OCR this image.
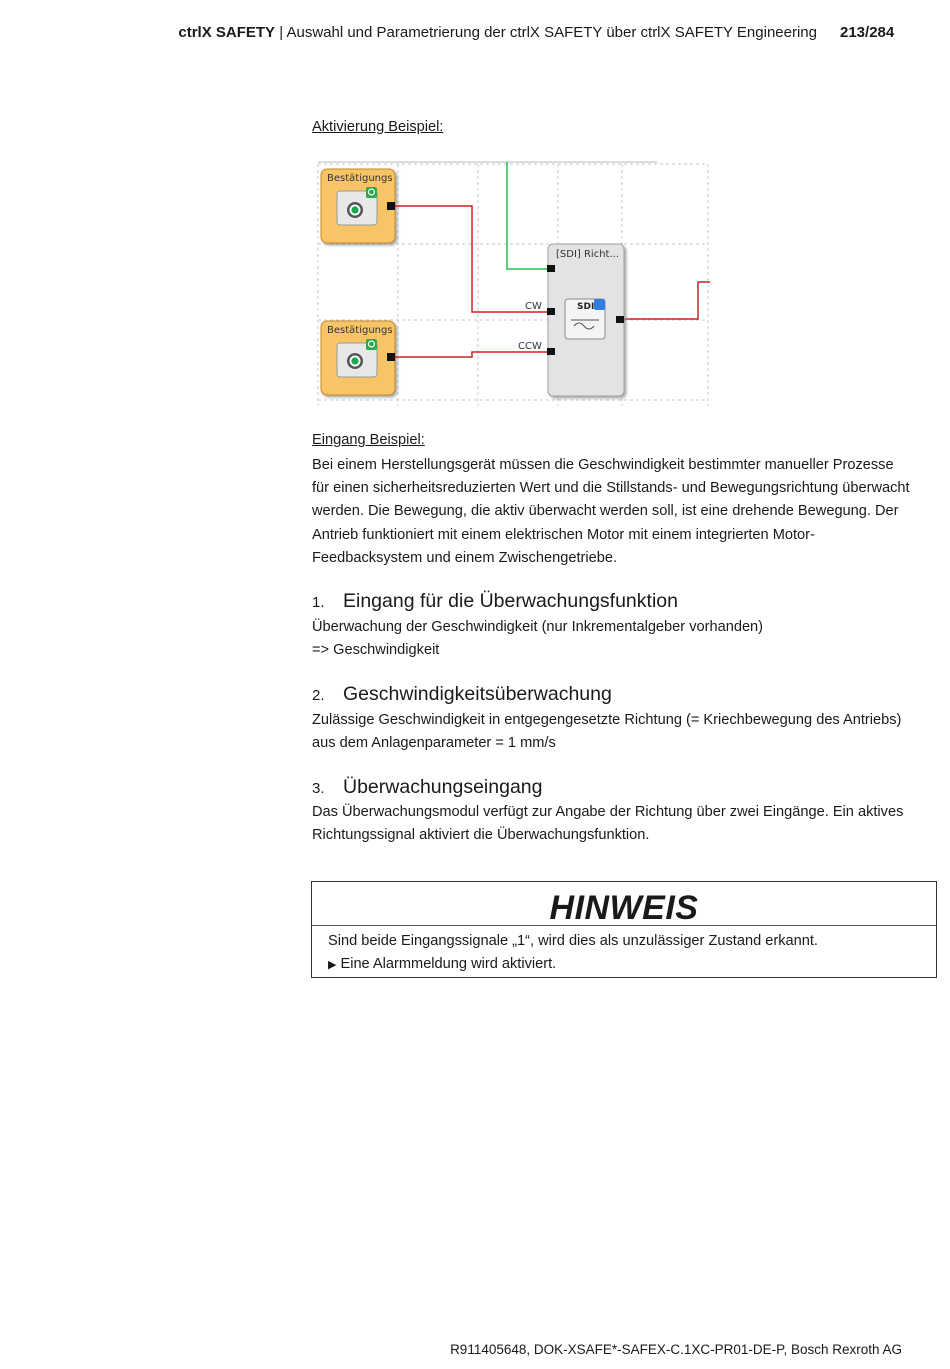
ctrlX SAFETY | Auswahl und Parametrierung der ctrlX SAFETY über ctrlX SAFETY Engineering 213/284
Aktivierung Beispiel:
Bestätigungs
Bestätigungs
[SDI] Richt...
SDI
CW
CCW
Eingang Beispiel:
Bei einem Herstellungsgerät müssen die Geschwindigkeit bestimmter manueller Prozesse für einen sicherheitsreduzierten Wert und die Stillstands- und Bewegungsrichtung überwacht werden. Die Bewegung, die aktiv überwacht werden soll, ist eine drehende Bewegung. Der Antrieb funktioniert mit einem elektrischen Motor mit einem integrierten Motor-Feedbacksystem und einem Zwischengetriebe.
1. Eingang für die Überwachungsfunktion
Überwachung der Geschwindigkeit (nur Inkrementalgeber vorhanden)
=> Geschwindigkeit
2. Geschwindigkeitsüberwachung
Zulässige Geschwindigkeit in entgegengesetzte Richtung (= Kriechbewegung des Antriebs) aus dem Anlagenparameter = 1 mm/s
3. Überwachungseingang
Das Überwachungsmodul verfügt zur Angabe der Richtung über zwei Eingänge. Ein aktives Richtungssignal aktiviert die Überwachungsfunktion.
HINWEIS
Sind beide Eingangssignale „1“, wird dies als unzulässiger Zustand erkannt.
▶ Eine Alarmmeldung wird aktiviert.
R911405648, DOK-XSAFE*-SAFEX-C.1XC-PR01-DE-P, Bosch Rexroth AG
